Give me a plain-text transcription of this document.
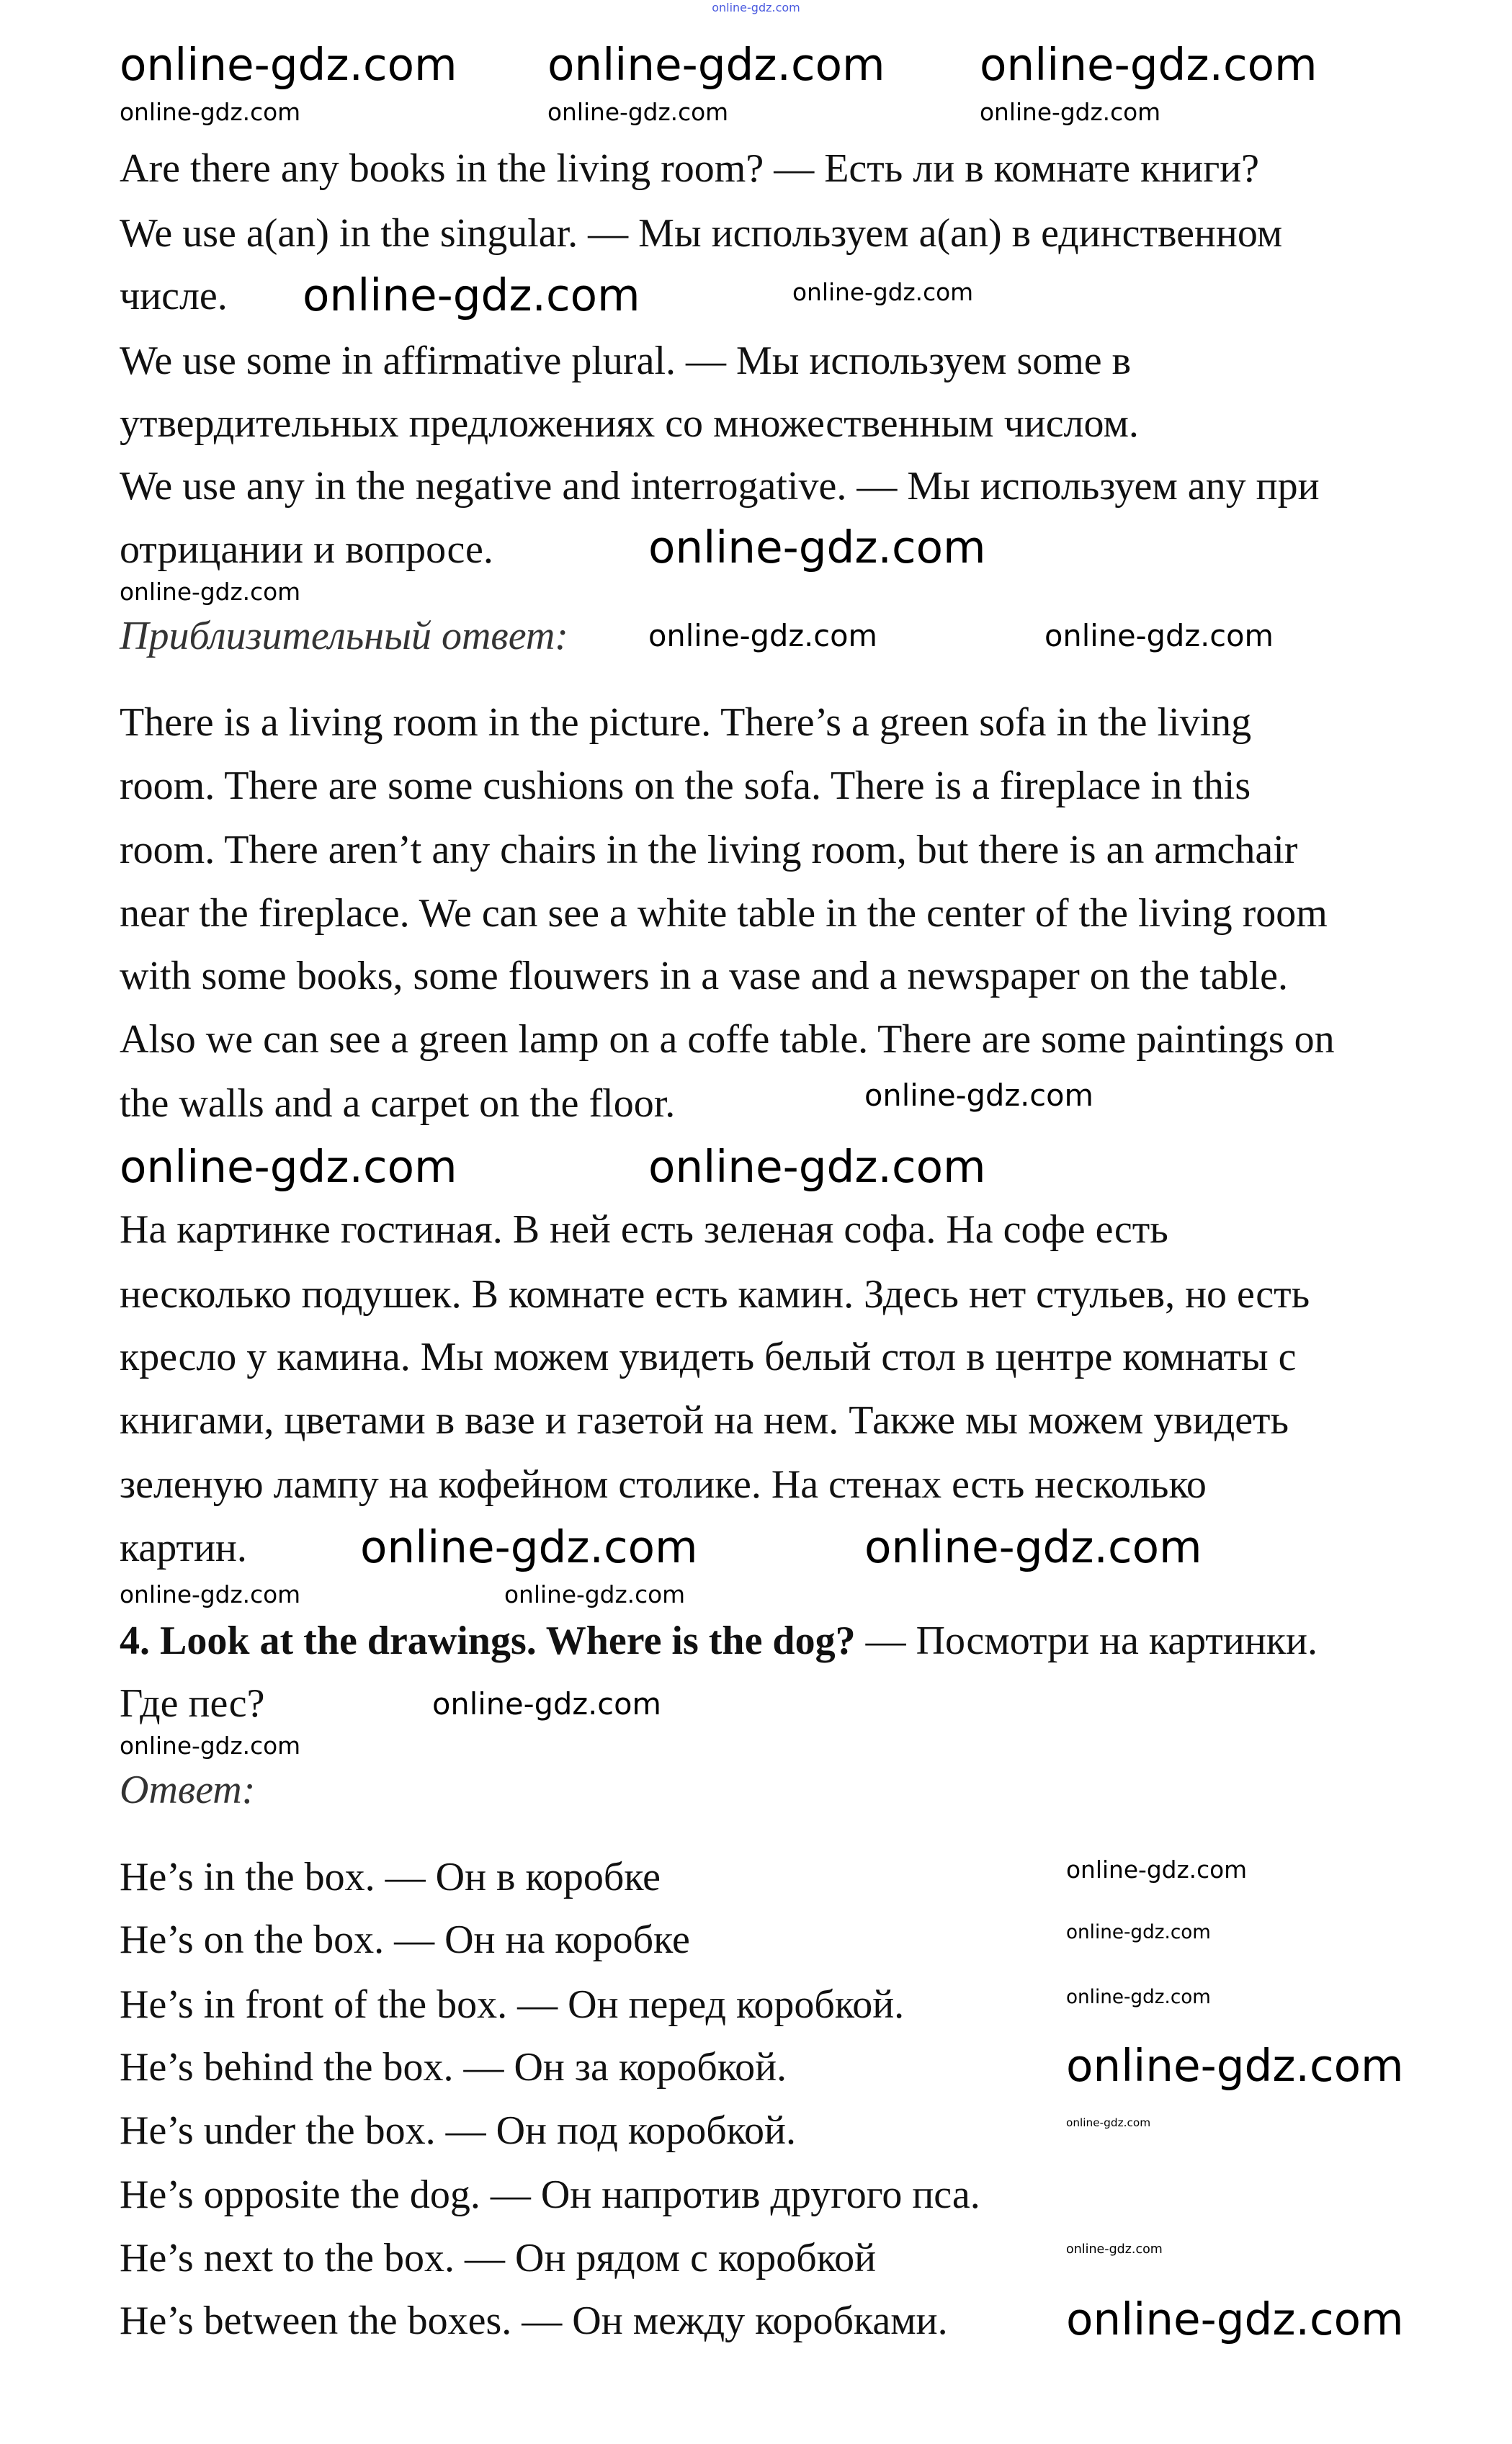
online-gdz.com
Are there any books in the living room? — Есть ли в комнате книги?
We use a(an) in the singular. — Мы используем a(an) в единственном
числе.
We use some in affirmative plural. — Мы используем some в
утвердительных предложениях со множественным числом.
We use any in the negative and interrogative. — Мы используем any при
отрицании и вопросе.
Приблизительный ответ:
There is a living room in the picture. There’s a green sofa in the living
room. There are some cushions on the sofa. There is a fireplace in this
room. There aren’t any chairs in the living room, but there is an armchair
near the fireplace. We can see a white table in the center of the living room
with some books, some flouwers in a vase and a newspaper on the table.
Also we can see a green lamp on a coffe table. There are some paintings on
the walls and a carpet on the floor.
На картинке гостиная. В ней есть зеленая софа. На софе есть
несколько подушек. В комнате есть камин. Здесь нет стульев, но есть
кресло у камина. Мы можем увидеть белый стол в центре комнаты с
книгами, цветами в вазе и газетой на нем. Также мы можем увидеть
зеленую лампу на кофейном столике. На стенах есть несколько
картин.
4. Look at the drawings. Where is the dog? — Посмотри на картинки.
Где пес?
Ответ:
He’s in the box. — Он в коробке
He’s on the box. — Он на коробке
He’s in front of the box. — Он перед коробкой.
He’s behind the box. — Он за коробкой.
He’s under the box. — Он под коробкой.
He’s opposite the dog. — Он напротив другого пса.
He’s next to the box. — Он рядом с коробкой
He’s between the boxes. — Он между коробками.
online-gdz.com online-gdz.com online-gdz.com
online-gdz.com
online-gdz.com
online-gdz.com	online-gdz.com
online-gdz.com	online-gdz.com
online-gdz.com
online-gdz.com
online-gdz.com	online-gdz.com
online-gdz.com
online-gdz.com
online-gdz.com	online-gdz.com	online-gdz.com
online-gdz.com
online-gdz.com
online-gdz.com	online-gdz.com
online-gdz.com
online-gdz.com
online-gdz.com
online-gdz.com
online-gdz.com
online-gdz.com
